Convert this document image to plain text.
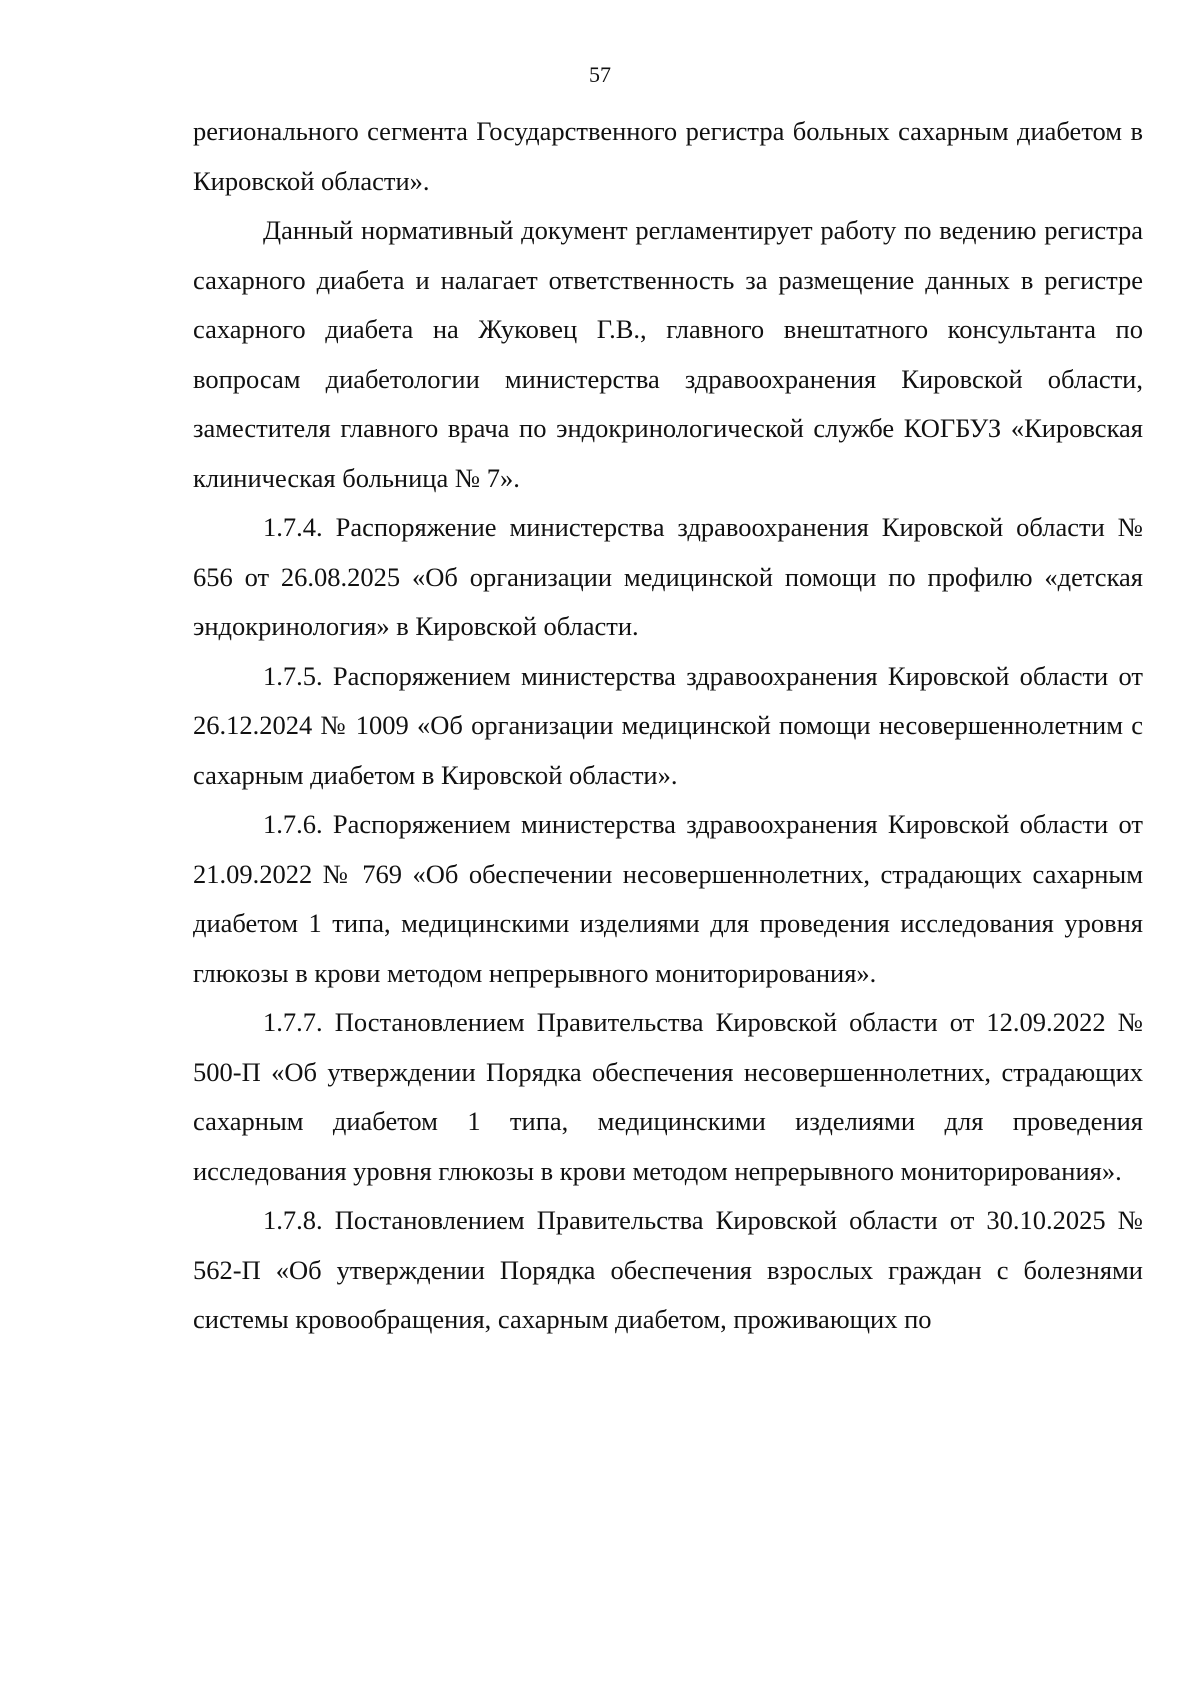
57

регионального сегмента Государственного регистра больных сахарным диабетом в Кировской области».

Данный нормативный документ регламентирует работу по ведению регистра сахарного диабета и налагает ответственность за размещение данных в регистре сахарного диабета на Жуковец Г.В., главного внештатного консультанта по вопросам диабетологии министерства здравоохранения Кировской области, заместителя главного врача по эндокринологической службе КОГБУЗ «Кировская клиническая больница № 7».

1.7.4. Распоряжение министерства здравоохранения Кировской области № 656 от 26.08.2025 «Об организации медицинской помощи по профилю «детская эндокринология» в Кировской области.

1.7.5. Распоряжением министерства здравоохранения Кировской области от 26.12.2024 № 1009 «Об организации медицинской помощи несовершеннолетним с сахарным диабетом в Кировской области».

1.7.6. Распоряжением министерства здравоохранения Кировской области от 21.09.2022 № 769 «Об обеспечении несовершеннолетних, страдающих сахарным диабетом 1 типа, медицинскими изделиями для проведения исследования уровня глюкозы в крови методом непрерывного мониторирования».

1.7.7. Постановлением Правительства Кировской области от 12.09.2022 № 500-П «Об утверждении Порядка обеспечения несовершеннолетних, страдающих сахарным диабетом 1 типа, медицинскими изделиями для проведения исследования уровня глюкозы в крови методом непрерывного мониторирования».

1.7.8. Постановлением Правительства Кировской области от 30.10.2025 № 562-П «Об утверждении Порядка обеспечения взрослых граждан с болезнями системы кровообращения, сахарным диабетом, проживающих по
